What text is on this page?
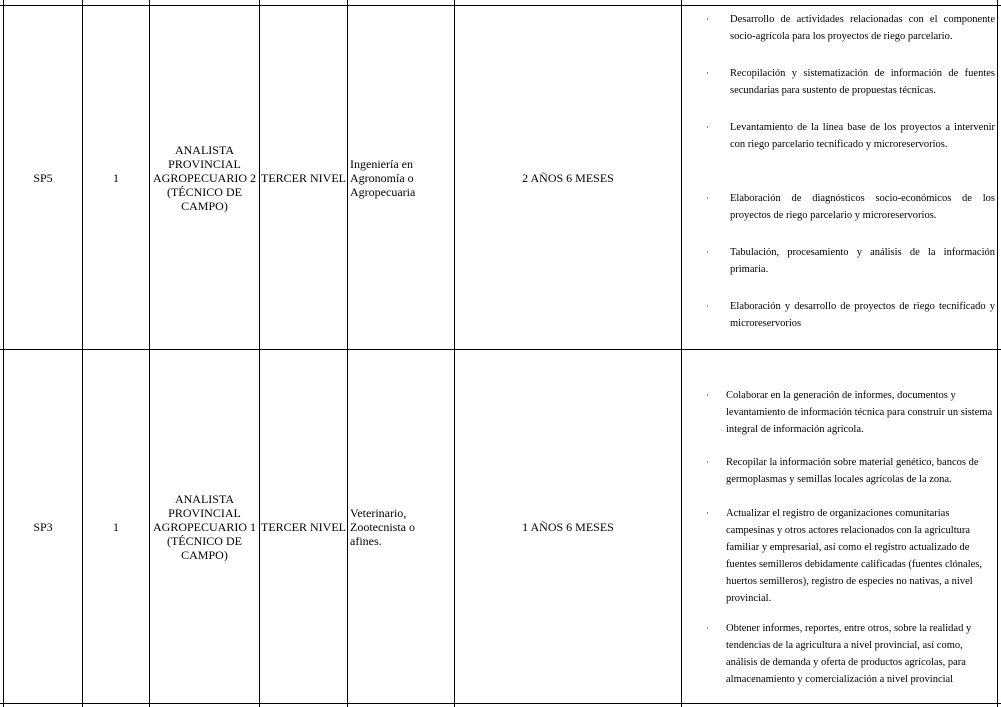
SP5	1
ANALISTA
PROVINCIAL
AGROPECUARIO 2
(TÉCNICO DE
CAMPO)
TERCER NIVEL
Ingeniería en
Agronomía o
Agropecuaria
2 AÑOS 6 MESES
· Desarrollo de actividades relacionadas con el componente socio-agrícola para los proyectos de riego parcelario.
· Recopilación y sistematización de información de fuentes secundarias para sustento de propuestas técnicas.
· Levantamiento de la línea base de los proyectos a intervenir con riego parcelario tecnificado y microreservorios.
· Elaboración de diagnósticos socio-económicos de los proyectos de riego parcelario y microreservorios.
· Tabulación, procesamiento y análisis de la información primaria.
· Elaboración y desarrollo de proyectos de riego tecnificado y microreservorios
SP3	1
ANALISTA
PROVINCIAL
AGROPECUARIO 1
(TÉCNICO DE
CAMPO)
TERCER NIVEL
Veterinario,
Zootecnista o
afines.
1 AÑOS 6 MESES
· Colaborar en la generación de informes, documentos y levantamiento de información técnica para construir un sistema integral de información agrícola.
· Recopilar la información sobre material genético, bancos de germoplasmas y semillas locales agrícolas de la zona.
· Actualizar el registro de organizaciones comunitarias campesinas y otros actores relacionados con la agricultura familiar y empresarial, así como el registro actualizado de fuentes semilleros debidamente calificadas (fuentes clónales, huertos semilleros), registro de especies no nativas, a nivel provincial.
· Obtener informes, reportes, entre otros, sobre la realidad y tendencias de la agricultura a nivel provincial, así como, análisis de demanda y oferta de productos agrícolas, para almacenamiento y comercialización a nivel provincial
